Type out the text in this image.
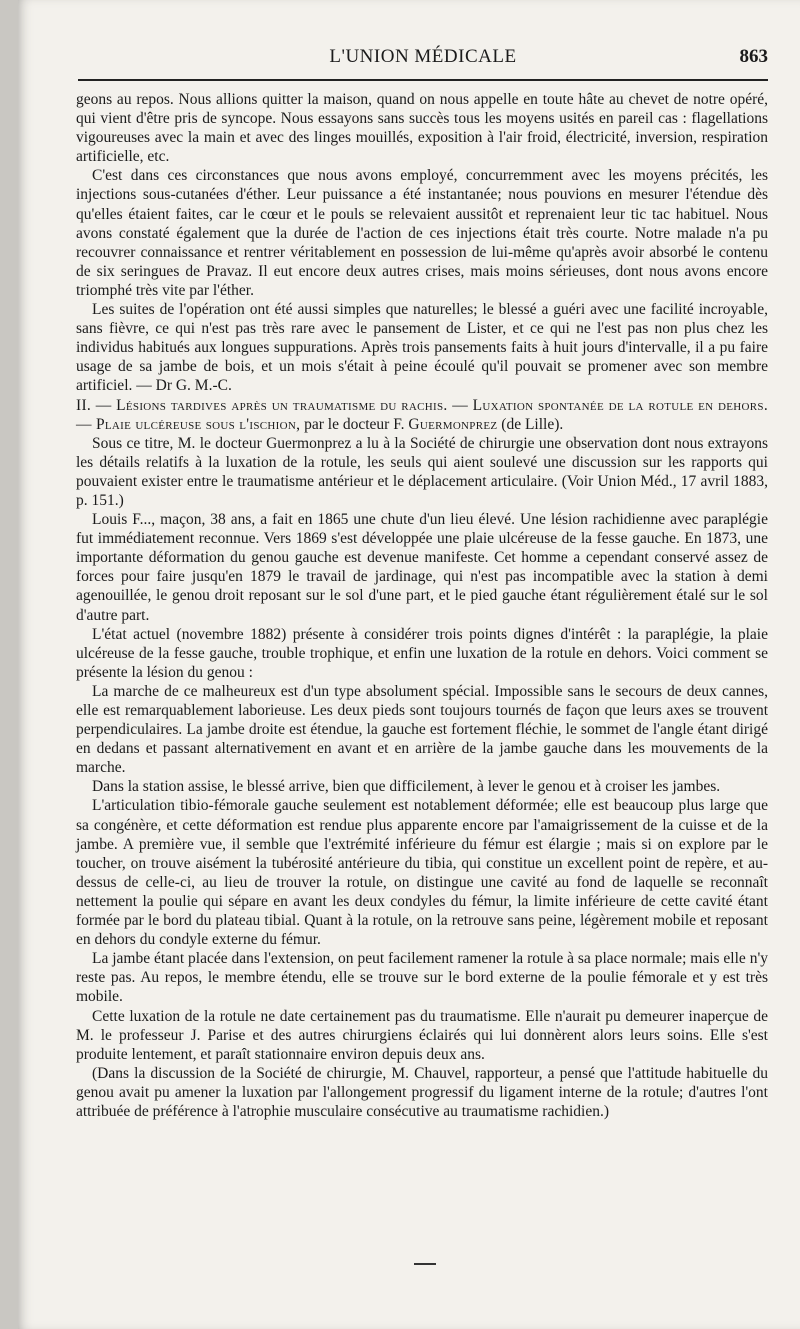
L'UNION MÉDICALE	863

geons au repos. Nous allions quitter la maison, quand on nous appelle en toute hâte au chevet de notre opéré, qui vient d'être pris de syncope. Nous essayons sans succès tous les moyens usités en pareil cas : flagellations vigoureuses avec la main et avec des linges mouillés, exposition à l'air froid, électricité, inversion, respiration artificielle, etc.

C'est dans ces circonstances que nous avons employé, concurremment avec les moyens précités, les injections sous-cutanées d'éther. Leur puissance a été instantanée; nous pouvions en mesurer l'étendue dès qu'elles étaient faites, car le cœur et le pouls se relevaient aussitôt et reprenaient leur tic tac habituel. Nous avons constaté également que la durée de l'action de ces injections était très courte. Notre malade n'a pu recouvrer connaissance et rentrer véritablement en possession de lui-même qu'après avoir absorbé le contenu de six seringues de Pravaz. Il eut encore deux autres crises, mais moins sérieuses, dont nous avons encore triomphé très vite par l'éther.

Les suites de l'opération ont été aussi simples que naturelles; le blessé a guéri avec une facilité incroyable, sans fièvre, ce qui n'est pas très rare avec le pansement de Lister, et ce qui ne l'est pas non plus chez les individus habitués aux longues suppurations. Après trois pansements faits à huit jours d'intervalle, il a pu faire usage de sa jambe de bois, et un mois s'était à peine écoulé qu'il pouvait se promener avec son membre artificiel. — Dr G. M.-C.

II. — Lésions tardives après un traumatisme du rachis. — Luxation spontanée de la rotule en dehors. — Plaie ulcéreuse sous l'ischion, par le docteur F. Guermonprez (de Lille).

Sous ce titre, M. le docteur Guermonprez a lu à la Société de chirurgie une observation dont nous extrayons les détails relatifs à la luxation de la rotule, les seuls qui aient soulevé une discussion sur les rapports qui pouvaient exister entre le traumatisme antérieur et le déplacement articulaire. (Voir Union Méd., 17 avril 1883, p. 151.)

Louis F..., maçon, 38 ans, a fait en 1865 une chute d'un lieu élevé. Une lésion rachidienne avec paraplégie fut immédiatement reconnue. Vers 1869 s'est développée une plaie ulcéreuse de la fesse gauche. En 1873, une importante déformation du genou gauche est devenue manifeste. Cet homme a cependant conservé assez de forces pour faire jusqu'en 1879 le travail de jardinage, qui n'est pas incompatible avec la station à demi agenouillée, le genou droit reposant sur le sol d'une part, et le pied gauche étant régulièrement étalé sur le sol d'autre part.

L'état actuel (novembre 1882) présente à considérer trois points dignes d'intérêt : la paraplégie, la plaie ulcéreuse de la fesse gauche, trouble trophique, et enfin une luxation de la rotule en dehors. Voici comment se présente la lésion du genou :

La marche de ce malheureux est d'un type absolument spécial. Impossible sans le secours de deux cannes, elle est remarquablement laborieuse. Les deux pieds sont toujours tournés de façon que leurs axes se trouvent perpendiculaires. La jambe droite est étendue, la gauche est fortement fléchie, le sommet de l'angle étant dirigé en dedans et passant alternativement en avant et en arrière de la jambe gauche dans les mouvements de la marche.

Dans la station assise, le blessé arrive, bien que difficilement, à lever le genou et à croiser les jambes.

L'articulation tibio-fémorale gauche seulement est notablement déformée; elle est beaucoup plus large que sa congénère, et cette déformation est rendue plus apparente encore par l'amaigrissement de la cuisse et de la jambe. A première vue, il semble que l'extrémité inférieure du fémur est élargie ; mais si on explore par le toucher, on trouve aisément la tubérosité antérieure du tibia, qui constitue un excellent point de repère, et au-dessus de celle-ci, au lieu de trouver la rotule, on distingue une cavité au fond de laquelle se reconnaît nettement la poulie qui sépare en avant les deux condyles du fémur, la limite inférieure de cette cavité étant formée par le bord du plateau tibial. Quant à la rotule, on la retrouve sans peine, légèrement mobile et reposant en dehors du condyle externe du fémur.

La jambe étant placée dans l'extension, on peut facilement ramener la rotule à sa place normale; mais elle n'y reste pas. Au repos, le membre étendu, elle se trouve sur le bord externe de la poulie fémorale et y est très mobile.

Cette luxation de la rotule ne date certainement pas du traumatisme. Elle n'aurait pu demeurer inaperçue de M. le professeur J. Parise et des autres chirurgiens éclairés qui lui donnèrent alors leurs soins. Elle s'est produite lentement, et paraît stationnaire environ depuis deux ans.

(Dans la discussion de la Société de chirurgie, M. Chauvel, rapporteur, a pensé que l'attitude habituelle du genou avait pu amener la luxation par l'allongement progressif du ligament interne de la rotule; d'autres l'ont attribuée de préférence à l'atrophie musculaire consécutive au traumatisme rachidien.)
